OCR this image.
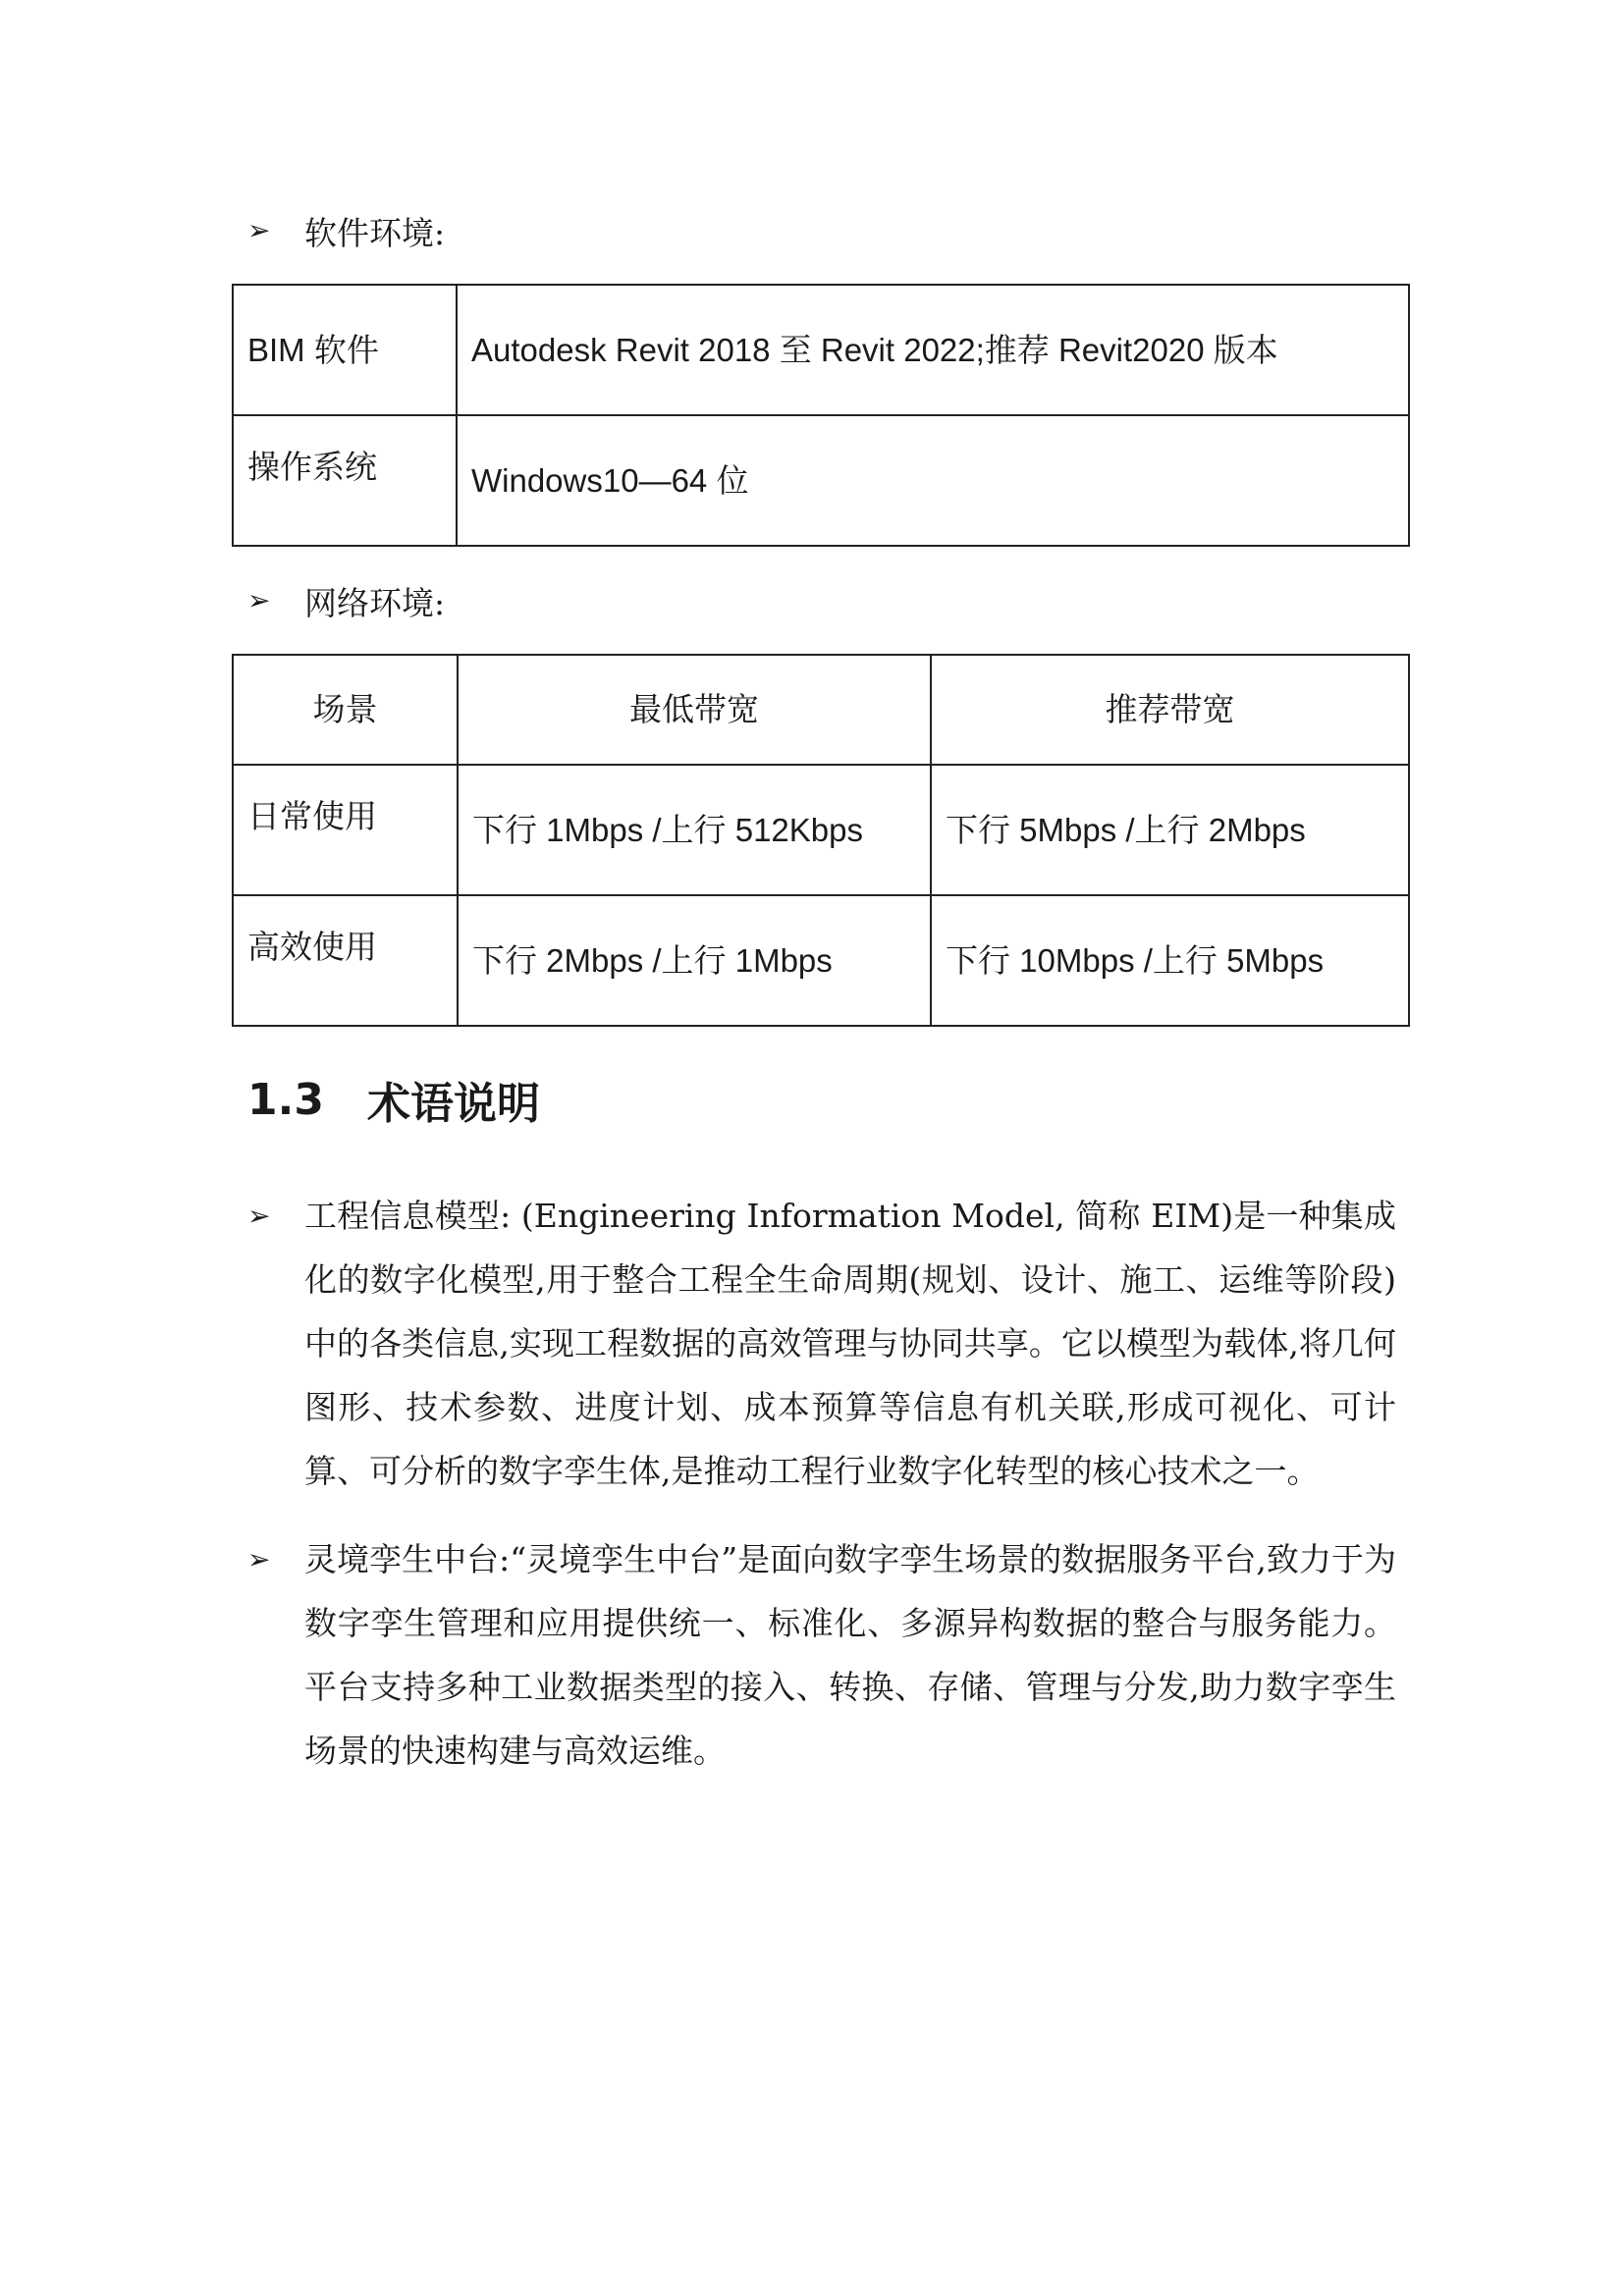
➢ 软件环境:
BIM 软件	Autodesk Revit 2018 至 Revit 2022;推荐 Revit2020 版本
操作系统	Windows10—64 位
➢ 网络环境:
场景	最低带宽	推荐带宽
日常使用	下行 1Mbps /上行 512Kbps	下行 5Mbps /上行 2Mbps
高效使用	下行 2Mbps /上行 1Mbps	下行 10Mbps /上行 5Mbps
1.3 术语说明
➢ 工程信息模型: (Engineering Information Model, 简称 EIM)是一种集成化的数字化模型,用于整合工程全生命周期(规划、设计、施工、运维等阶段)中的各类信息,实现工程数据的高效管理与协同共享。它以模型为载体,将几何图形、技术参数、进度计划、成本预算等信息有机关联,形成可视化、可计算、可分析的数字孪生体,是推动工程行业数字化转型的核心技术之一。
➢ 灵境孪生中台:“灵境孪生中台”是面向数字孪生场景的数据服务平台,致力于为数字孪生管理和应用提供统一、标准化、多源异构数据的整合与服务能力。平台支持多种工业数据类型的接入、转换、存储、管理与分发,助力数字孪生场景的快速构建与高效运维。
